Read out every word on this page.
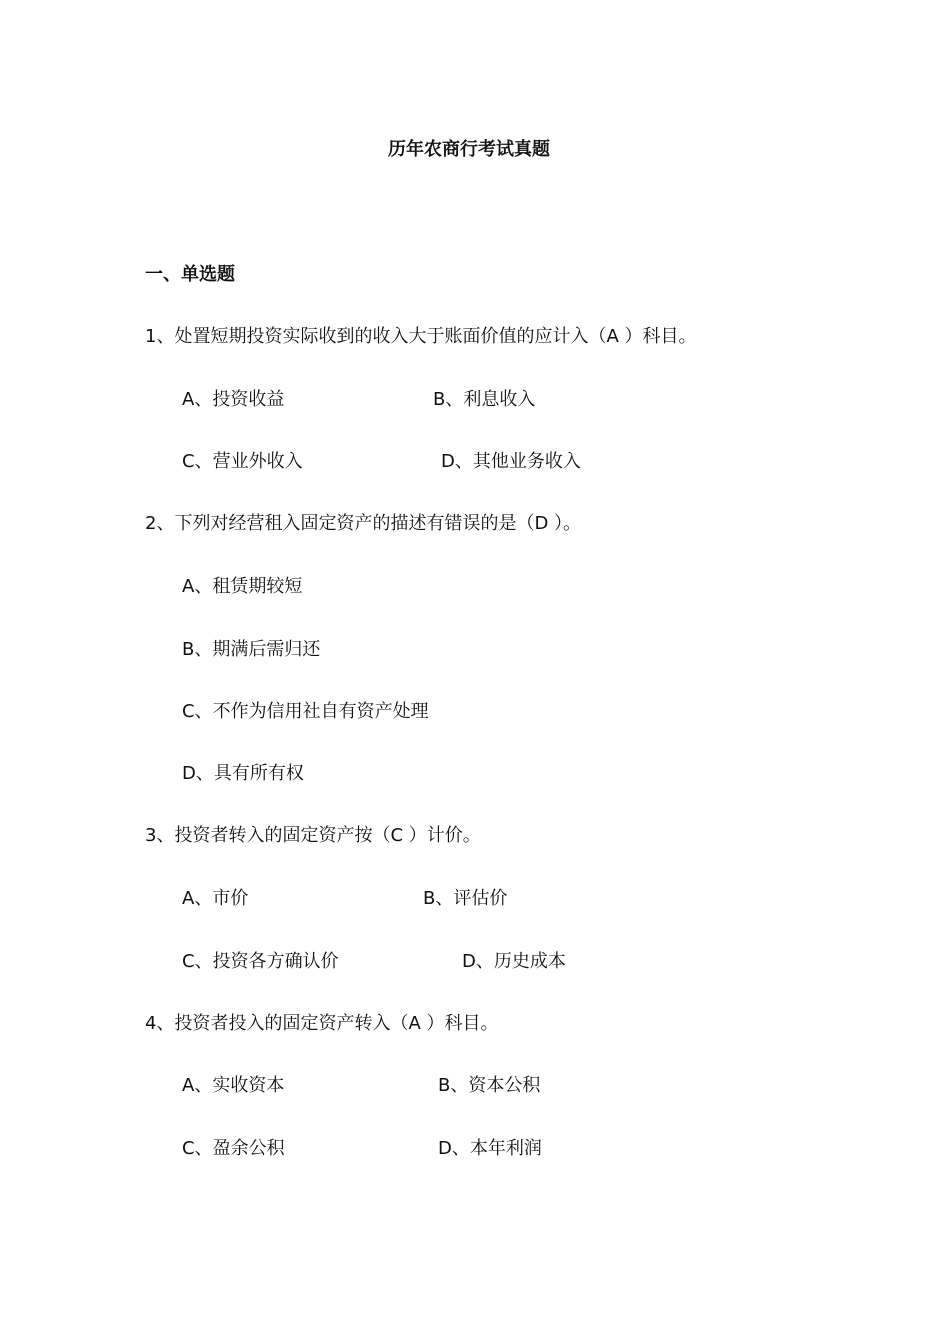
历年农商行考试真题
一、单选题
1、处置短期投资实际收到的收入大于账面价值的应计入（A ）科目。
A、投资收益	B、利息收入
C、营业外收入	D、其他业务收入
2、下列对经营租入固定资产的描述有错误的是（D ）。
A、租赁期较短
B、期满后需归还
C、不作为信用社自有资产处理
D、具有所有权
3、投资者转入的固定资产按（C ）计价。
A、市价	B、评估价
C、投资各方确认价	D、历史成本
4、投资者投入的固定资产转入（A ）科目。
A、实收资本	B、资本公积
C、盈余公积	D、本年利润
